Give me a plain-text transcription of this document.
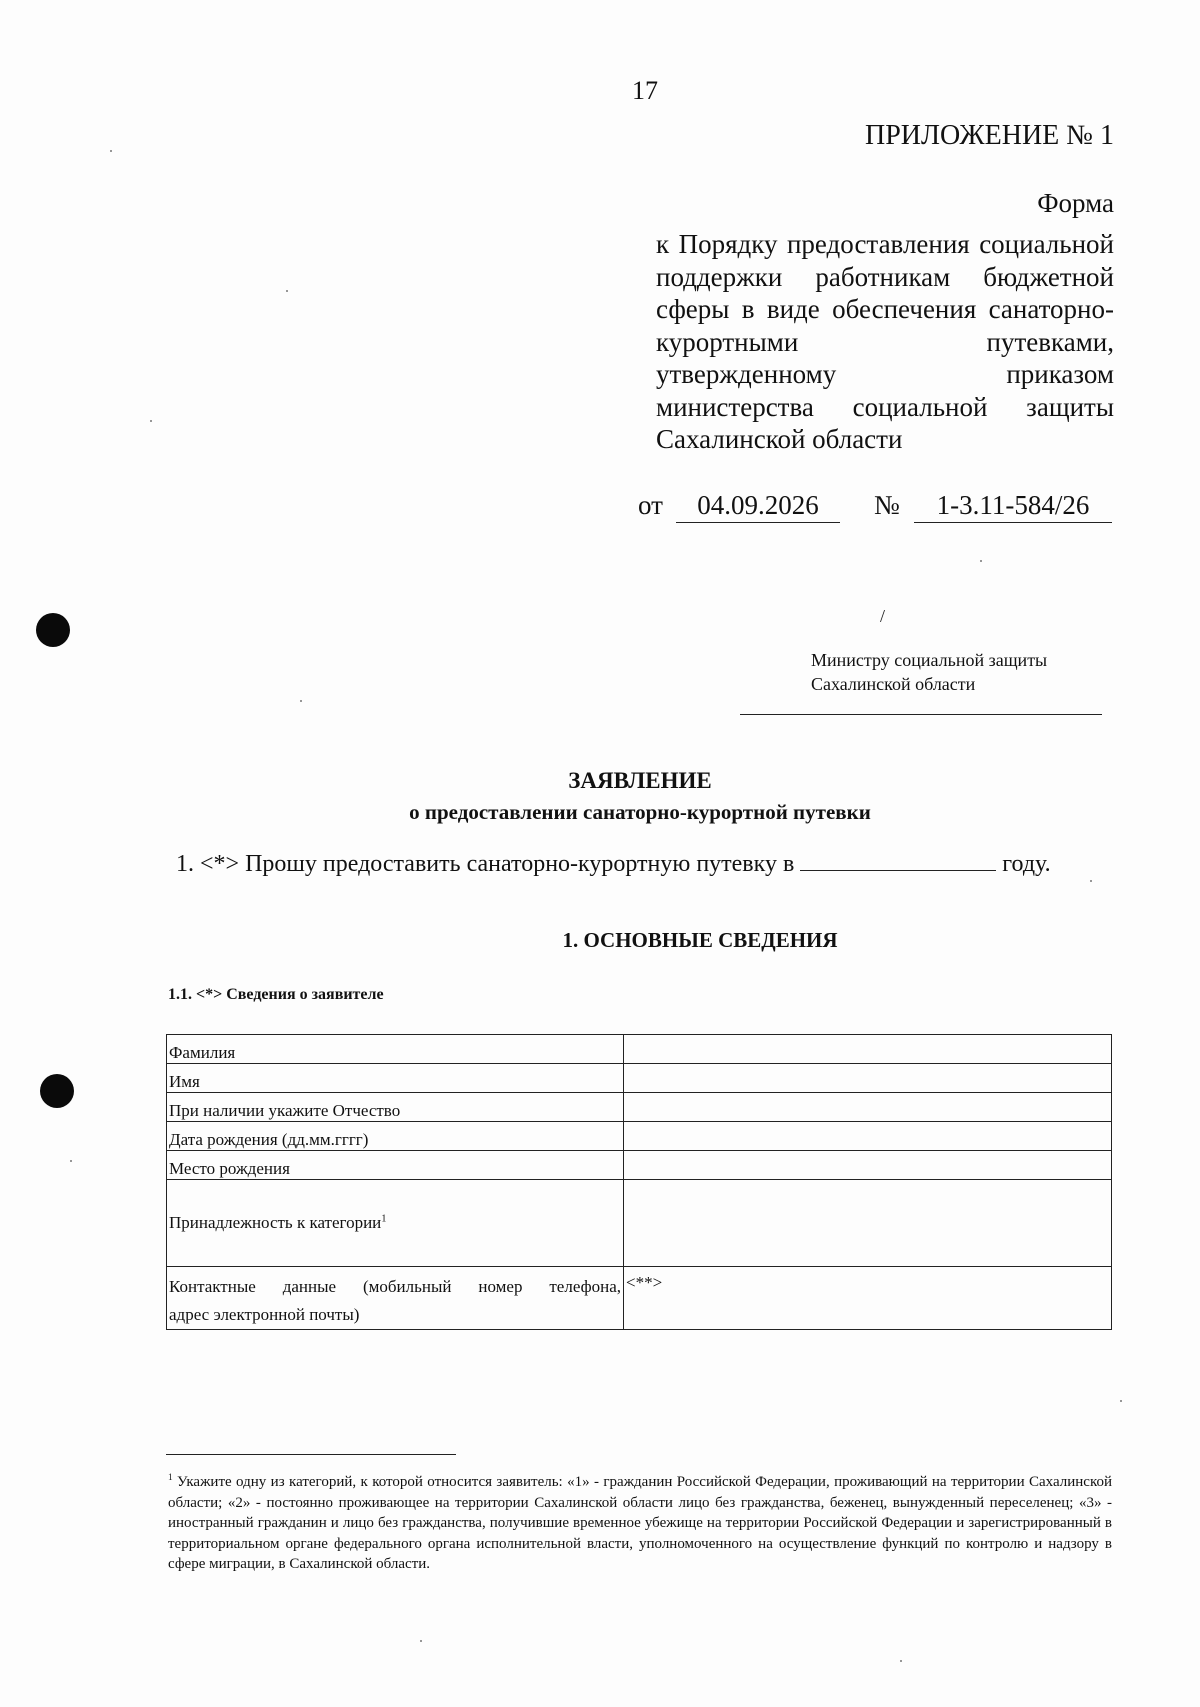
/
17
ПРИЛОЖЕНИЕ № 1
Форма
к Порядку предоставления социальной поддержки работникам бюджетной сферы в виде обеспечения санаторно-курортными путевками, утвержденному приказом министерства социальной защиты Сахалинской области
от	04.09.2026	№	1-3.11-584/26
Министру социальной защиты
Сахалинской области
ЗАЯВЛЕНИЕ
о предоставлении санаторно-курортной путевки
1. <*> Прошу предоставить санаторно-курортную путевку в	году.
1. ОСНОВНЫЕ СВЕДЕНИЯ
1.1. <*> Сведения о заявителе
Фамилия	
Имя	
При наличии укажите Отчество	
Дата рождения (дд.мм.гггг)	
Место рождения	
Принадлежность к категории$^1$	

Контактные данные (мобильный номер телефона,
адрес электронной почты)	<**>
$^1$ Укажите одну из категорий, к которой относится заявитель: «1» - гражданин Российской Федерации, проживающий на территории Сахалинской области; «2» - постоянно проживающее на территории Сахалинской области лицо без гражданства, беженец, вынужденный переселенец; «3» - иностранный гражданин и лицо без гражданства, получившие временное убежище на территории Российской Федерации и зарегистрированный в территориальном органе федерального органа исполнительной власти, уполномоченного на осуществление функций по контролю и надзору в сфере миграции, в Сахалинской области.
